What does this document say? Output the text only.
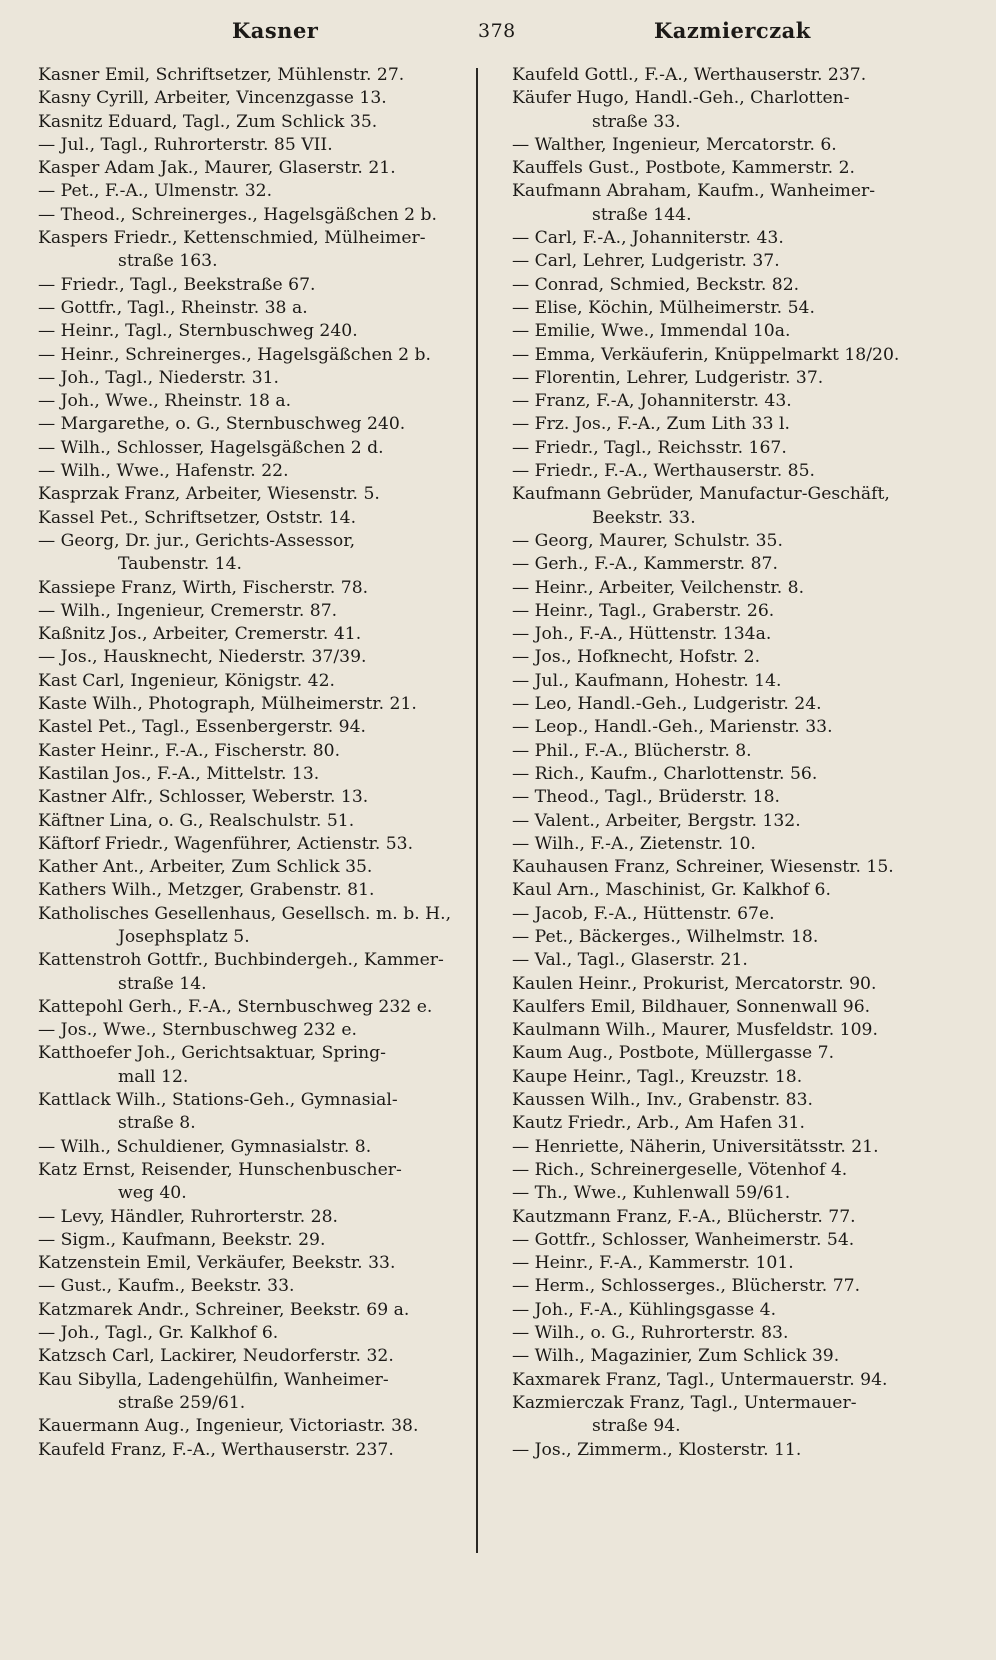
Kasner	378	Kazmierczak
Kasner Emil, Schriftsetzer, Mühlenstr. 27.
Kasny Cyrill, Arbeiter, Vincenzgasse 13.
Kasnitz Eduard, Tagl., Zum Schlick 35.
— Jul., Tagl., Ruhrorterstr. 85 VII.
Kasper Adam Jak., Maurer, Glaserstr. 21.
— Pet., F.-A., Ulmenstr. 32.
— Theod., Schreinerges., Hagelsgäßchen 2 b.
Kaspers Friedr., Kettenschmied, Mülheimer-
straße 163.
— Friedr., Tagl., Beekstraße 67.
— Gottfr., Tagl., Rheinstr. 38 a.
— Heinr., Tagl., Sternbuschweg 240.
— Heinr., Schreinerges., Hagelsgäßchen 2 b.
— Joh., Tagl., Niederstr. 31.
— Joh., Wwe., Rheinstr. 18 a.
— Margarethe, o. G., Sternbuschweg 240.
— Wilh., Schlosser, Hagelsgäßchen 2 d.
— Wilh., Wwe., Hafenstr. 22.
Kasprzak Franz, Arbeiter, Wiesenstr. 5.
Kassel Pet., Schriftsetzer, Oststr. 14.
— Georg, Dr. jur., Gerichts-Assessor,
Taubenstr. 14.
Kassiepe Franz, Wirth, Fischerstr. 78.
— Wilh., Ingenieur, Cremerstr. 87.
Kaßnitz Jos., Arbeiter, Cremerstr. 41.
— Jos., Hausknecht, Niederstr. 37/39.
Kast Carl, Ingenieur, Königstr. 42.
Kaste Wilh., Photograph, Mülheimerstr. 21.
Kastel Pet., Tagl., Essenbergerstr. 94.
Kaster Heinr., F.-A., Fischerstr. 80.
Kastilan Jos., F.-A., Mittelstr. 13.
Kastner Alfr., Schlosser, Weberstr. 13.
Käftner Lina, o. G., Realschulstr. 51.
Käftorf Friedr., Wagenführer, Actienstr. 53.
Kather Ant., Arbeiter, Zum Schlick 35.
Kathers Wilh., Metzger, Grabenstr. 81.
Katholisches Gesellenhaus, Gesellsch. m. b. H.,
Josephsplatz 5.
Kattenstroh Gottfr., Buchbindergeh., Kammer-
straße 14.
Kattepohl Gerh., F.-A., Sternbuschweg 232 e.
— Jos., Wwe., Sternbuschweg 232 e.
Katthoefer Joh., Gerichtsaktuar, Spring-
mall 12.
Kattlack Wilh., Stations-Geh., Gymnasial-
straße 8.
— Wilh., Schuldiener, Gymnasialstr. 8.
Katz Ernst, Reisender, Hunschenbuscher-
weg 40.
— Levy, Händler, Ruhrorterstr. 28.
— Sigm., Kaufmann, Beekstr. 29.
Katzenstein Emil, Verkäufer, Beekstr. 33.
— Gust., Kaufm., Beekstr. 33.
Katzmarek Andr., Schreiner, Beekstr. 69 a.
— Joh., Tagl., Gr. Kalkhof 6.
Katzsch Carl, Lackirer, Neudorferstr. 32.
Kau Sibylla, Ladengehülfin, Wanheimer-
straße 259/61.
Kauermann Aug., Ingenieur, Victoriastr. 38.
Kaufeld Franz, F.-A., Werthauserstr. 237.
Kaufeld Gottl., F.-A., Werthauserstr. 237.
Käufer Hugo, Handl.-Geh., Charlotten-
straße 33.
— Walther, Ingenieur, Mercatorstr. 6.
Kauffels Gust., Postbote, Kammerstr. 2.
Kaufmann Abraham, Kaufm., Wanheimer-
straße 144.
— Carl, F.-A., Johanniterstr. 43.
— Carl, Lehrer, Ludgeristr. 37.
— Conrad, Schmied, Beckstr. 82.
— Elise, Köchin, Mülheimerstr. 54.
— Emilie, Wwe., Immendal 10a.
— Emma, Verkäuferin, Knüppelmarkt 18/20.
— Florentin, Lehrer, Ludgeristr. 37.
— Franz, F.-A, Johanniterstr. 43.
— Frz. Jos., F.-A., Zum Lith 33 l.
— Friedr., Tagl., Reichsstr. 167.
— Friedr., F.-A., Werthauserstr. 85.
Kaufmann Gebrüder, Manufactur-Geschäft,
Beekstr. 33.
— Georg, Maurer, Schulstr. 35.
— Gerh., F.-A., Kammerstr. 87.
— Heinr., Arbeiter, Veilchenstr. 8.
— Heinr., Tagl., Graberstr. 26.
— Joh., F.-A., Hüttenstr. 134a.
— Jos., Hofknecht, Hofstr. 2.
— Jul., Kaufmann, Hohestr. 14.
— Leo, Handl.-Geh., Ludgeristr. 24.
— Leop., Handl.-Geh., Marienstr. 33.
— Phil., F.-A., Blücherstr. 8.
— Rich., Kaufm., Charlottenstr. 56.
— Theod., Tagl., Brüderstr. 18.
— Valent., Arbeiter, Bergstr. 132.
— Wilh., F.-A., Zietenstr. 10.
Kauhausen Franz, Schreiner, Wiesenstr. 15.
Kaul Arn., Maschinist, Gr. Kalkhof 6.
— Jacob, F.-A., Hüttenstr. 67e.
— Pet., Bäckerges., Wilhelmstr. 18.
— Val., Tagl., Glaserstr. 21.
Kaulen Heinr., Prokurist, Mercatorstr. 90.
Kaulfers Emil, Bildhauer, Sonnenwall 96.
Kaulmann Wilh., Maurer, Musfeldstr. 109.
Kaum Aug., Postbote, Müllergasse 7.
Kaupe Heinr., Tagl., Kreuzstr. 18.
Kaussen Wilh., Inv., Grabenstr. 83.
Kautz Friedr., Arb., Am Hafen 31.
— Henriette, Näherin, Universitätsstr. 21.
— Rich., Schreinergeselle, Vötenhof 4.
— Th., Wwe., Kuhlenwall 59/61.
Kautzmann Franz, F.-A., Blücherstr. 77.
— Gottfr., Schlosser, Wanheimerstr. 54.
— Heinr., F.-A., Kammerstr. 101.
— Herm., Schlosserges., Blücherstr. 77.
— Joh., F.-A., Kühlingsgasse 4.
— Wilh., o. G., Ruhrorterstr. 83.
— Wilh., Magazinier, Zum Schlick 39.
Kaxmarek Franz, Tagl., Untermauerstr. 94.
Kazmierczak Franz, Tagl., Untermauer-
straße 94.
— Jos., Zimmerm., Klosterstr. 11.
